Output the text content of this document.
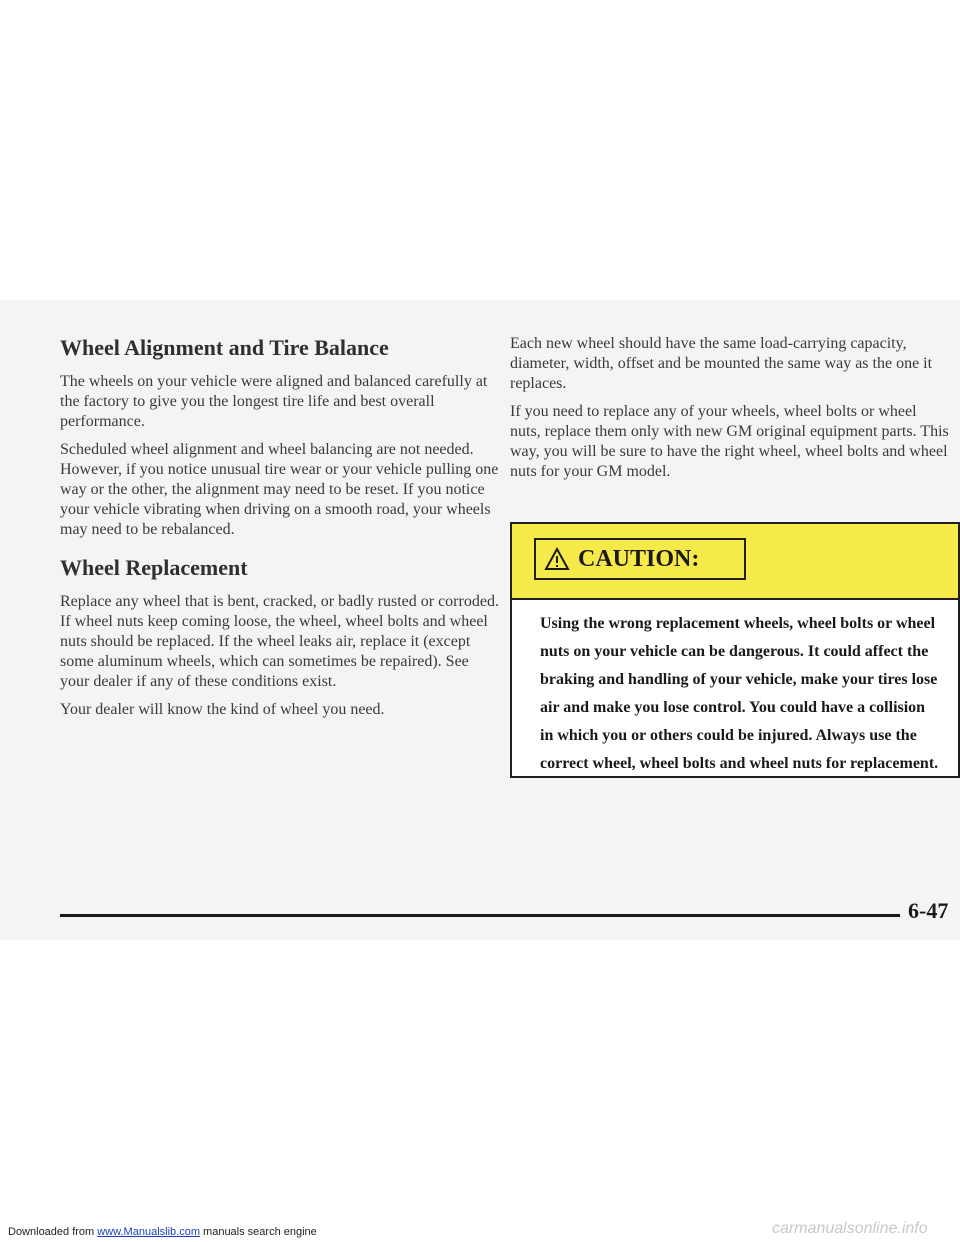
Wheel Alignment and Tire Balance

The wheels on your vehicle were aligned and balanced carefully at the factory to give you the longest tire life and best overall performance.

Scheduled wheel alignment and wheel balancing are not needed. However, if you notice unusual tire wear or your vehicle pulling one way or the other, the alignment may need to be reset. If you notice your vehicle vibrating when driving on a smooth road, your wheels may need to be rebalanced.

Wheel Replacement

Replace any wheel that is bent, cracked, or badly rusted or corroded. If wheel nuts keep coming loose, the wheel, wheel bolts and wheel nuts should be replaced. If the wheel leaks air, replace it (except some aluminum wheels, which can sometimes be repaired). See your dealer if any of these conditions exist.

Your dealer will know the kind of wheel you need.

Each new wheel should have the same load-carrying capacity, diameter, width, offset and be mounted the same way as the one it replaces.

If you need to replace any of your wheels, wheel bolts or wheel nuts, replace them only with new GM original equipment parts. This way, you will be sure to have the right wheel, wheel bolts and wheel nuts for your GM model.

CAUTION:
Using the wrong replacement wheels, wheel bolts or wheel nuts on your vehicle can be dangerous. It could affect the braking and handling of your vehicle, make your tires lose air and make you lose control. You could have a collision in which you or others could be injured. Always use the correct wheel, wheel bolts and wheel nuts for replacement.
6-47
Downloaded from www.Manualslib.com manuals search engine	carmanualsonline.info
